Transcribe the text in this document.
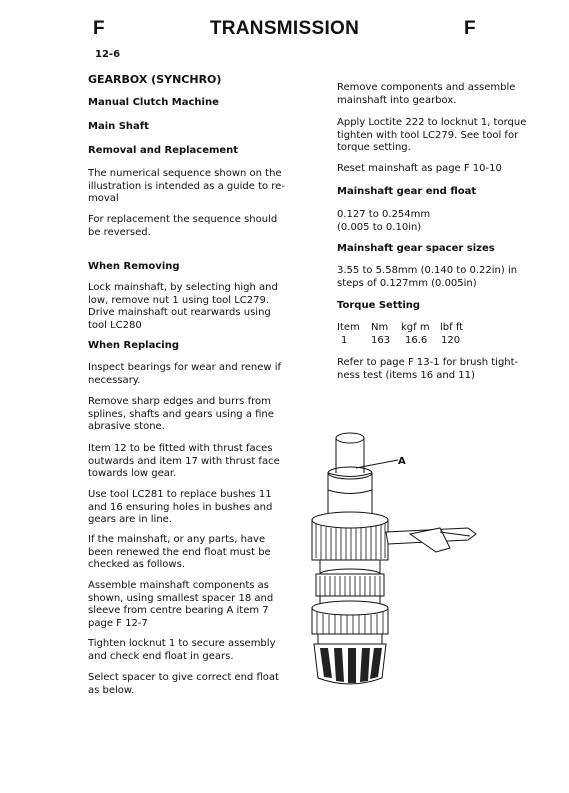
F	TRANSMISSION	F
12-6
GEARBOX (SYNCHRO)
Manual Clutch Machine
Main Shaft
Removal and Replacement

The numerical sequence shown on the

illustration is intended as a guide to re-

moval

For replacement the sequence should

be reversed.

When Removing

Lock mainshaft, by selecting high and

low, remove nut 1 using tool LC279.

Drive mainshaft out rearwards using

tool LC280

When Replacing

Inspect bearings for wear and renew if

necessary.

Remove sharp edges and burrs from

splines, shafts and gears using a fine

abrasive stone.

Item 12 to be fitted with thrust faces

outwards and item 17 with thrust face

towards low gear.

Use tool LC281 to replace bushes 11

and 16 ensuring holes in bushes and

gears are in line.

If the mainshaft, or any parts, have

been renewed the end float must be

checked as follows.

Assemble mainshaft components as

shown, using smallest spacer 18 and

sleeve from centre bearing A item 7

page F 12-7

Tighten locknut 1 to secure assembly

and check end float in gears.

Select spacer to give correct end float

as below.

Remove components and assemble

mainshaft into gearbox.

Apply Loctite 222 to locknut 1, torque

tighten with tool LC279. See tool for

torque setting.

Reset mainshaft as page F 10-10

Mainshaft gear end float

0.127 to 0.254mm

(0.005 to 0.10in)

Mainshaft gear spacer sizes

3.55 to 5.58mm (0.140 to 0.22in) in

steps of 0.127mm (0.005in)

Torque Setting
Item Nm kgf m lbf ft
1 163 16.6 120

Refer to page F 13-1 for brush tight-

ness test (items 16 and 11)

A
